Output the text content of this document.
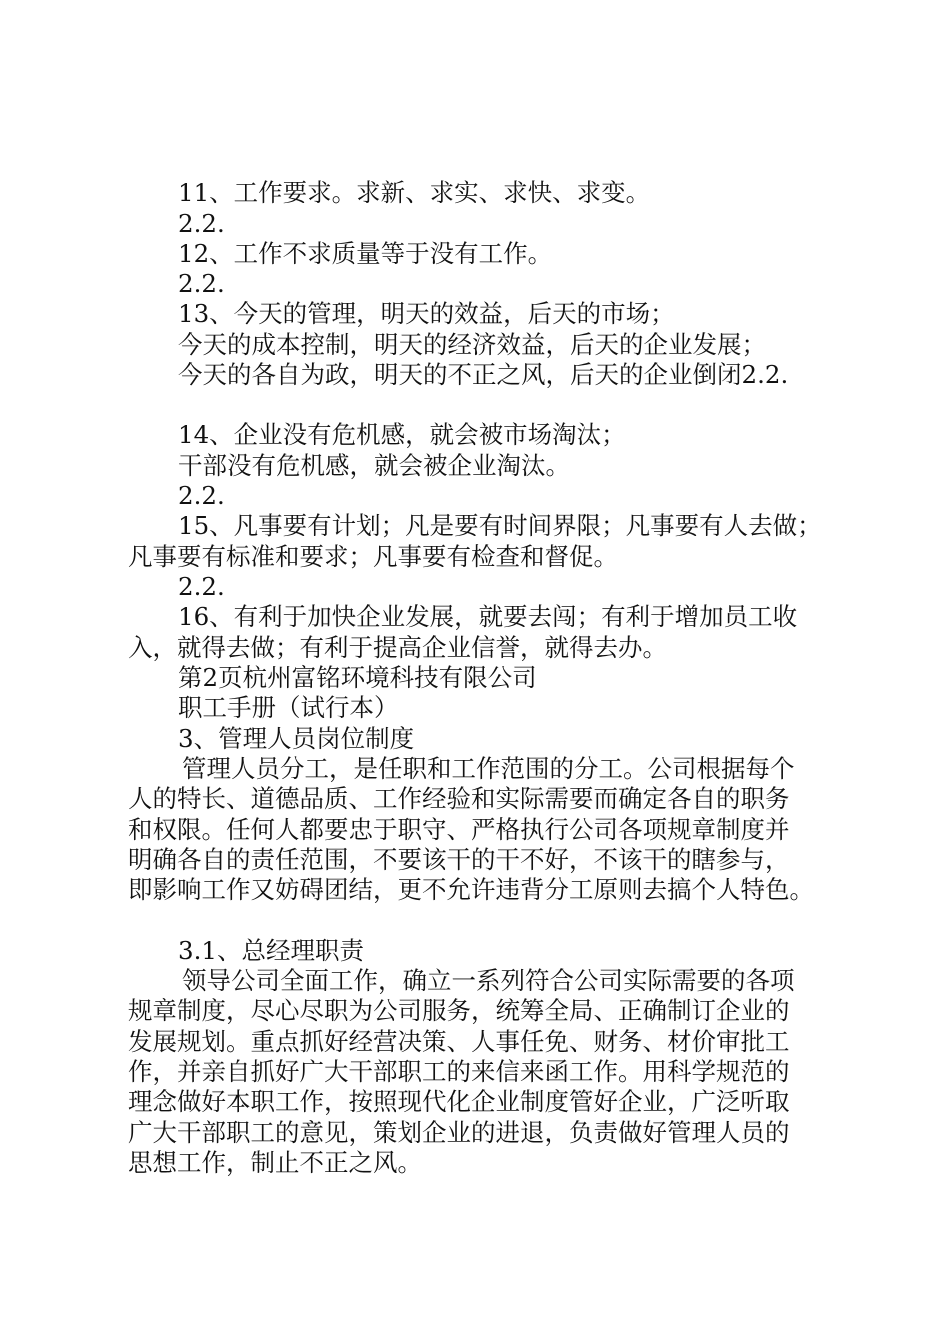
11、工作要求。求新、求实、求快、求变。
2.2.
12、工作不求质量等于没有工作。
2.2.
13、今天的管理，明天的效益，后天的市场；
今天的成本控制，明天的经济效益，后天的企业发展；
今天的各自为政，明天的不正之风，后天的企业倒闭2.2.
14、企业没有危机感，就会被市场淘汰；
干部没有危机感，就会被企业淘汰。
2.2.
15、凡事要有计划；凡是要有时间界限；凡事要有人去做；
凡事要有标准和要求；凡事要有检查和督促。
2.2.
16、有利于加快企业发展，就要去闯；有利于增加员工收
入，就得去做；有利于提高企业信誉，就得去办。
第2页杭州富铭环境科技有限公司
职工手册（试行本）
3、管理人员岗位制度
管理人员分工，是任职和工作范围的分工。公司根据每个
人的特长、道德品质、工作经验和实际需要而确定各自的职务
和权限。任何人都要忠于职守、严格执行公司各项规章制度并
明确各自的责任范围，不要该干的干不好，不该干的瞎参与，
即影响工作又妨碍团结，更不允许违背分工原则去搞个人特色。
3.1、总经理职责
领导公司全面工作，确立一系列符合公司实际需要的各项
规章制度，尽心尽职为公司服务，统筹全局、正确制订企业的
发展规划。重点抓好经营决策、人事任免、财务、材价审批工
作，并亲自抓好广大干部职工的来信来函工作。用科学规范的
理念做好本职工作，按照现代化企业制度管好企业，广泛听取
广大干部职工的意见，策划企业的进退，负责做好管理人员的
思想工作，制止不正之风。
